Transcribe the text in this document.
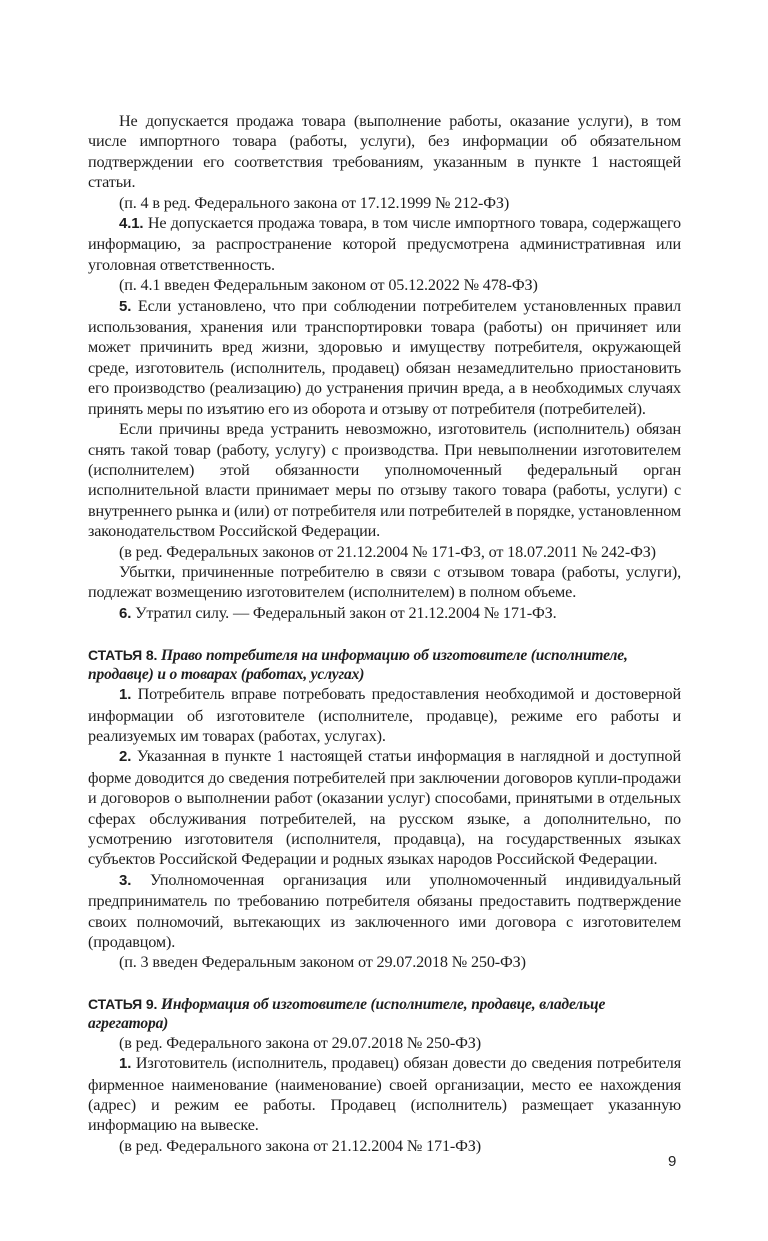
Не допускается продажа товара (выполнение работы, оказание услуги), в том числе импортного товара (работы, услуги), без информации об обязательном подтверждении его соответствия требованиям, указанным в пункте 1 настоящей статьи.

(п. 4 в ред. Федерального закона от 17.12.1999 № 212-ФЗ)

4.1. Не допускается продажа товара, в том числе импортного товара, содержащего информацию, за распространение которой предусмотрена административная или уголовная ответственность.

(п. 4.1 введен Федеральным законом от 05.12.2022 № 478-ФЗ)

5. Если установлено, что при соблюдении потребителем установленных правил использования, хранения или транспортировки товара (работы) он причиняет или может причинить вред жизни, здоровью и имуществу потребителя, окружающей среде, изготовитель (исполнитель, продавец) обязан незамедлительно приостановить его производство (реализацию) до устранения причин вреда, а в необходимых случаях принять меры по изъятию его из оборота и отзыву от потребителя (потребителей).

Если причины вреда устранить невозможно, изготовитель (исполнитель) обязан снять такой товар (работу, услугу) с производства. При невыполнении изготовителем (исполнителем) этой обязанности уполномоченный федеральный орган исполнительной власти принимает меры по отзыву такого товара (работы, услуги) с внутреннего рынка и (или) от потребителя или потребителей в порядке, установленном законодательством Российской Федерации.

(в ред. Федеральных законов от 21.12.2004 № 171-ФЗ, от 18.07.2011 № 242-ФЗ)

Убытки, причиненные потребителю в связи с отзывом товара (работы, услуги), подлежат возмещению изготовителем (исполнителем) в полном объеме.

6. Утратил силу. — Федеральный закон от 21.12.2004 № 171-ФЗ.

СТАТЬЯ 8. Право потребителя на информацию об изготовителе (исполнителе, продавце) и о товарах (работах, услугах)

1. Потребитель вправе потребовать предоставления необходимой и достоверной информации об изготовителе (исполнителе, продавце), режиме его работы и реализуемых им товарах (работах, услугах).

2. Указанная в пункте 1 настоящей статьи информация в наглядной и доступной форме доводится до сведения потребителей при заключении договоров купли-продажи и договоров о выполнении работ (оказании услуг) способами, принятыми в отдельных сферах обслуживания потребителей, на русском языке, а дополнительно, по усмотрению изготовителя (исполнителя, продавца), на государственных языках субъектов Российской Федерации и родных языках народов Российской Федерации.

3. Уполномоченная организация или уполномоченный индивидуальный предприниматель по требованию потребителя обязаны предоставить подтверждение своих полномочий, вытекающих из заключенного ими договора с изготовителем (продавцом).

(п. 3 введен Федеральным законом от 29.07.2018 № 250-ФЗ)

СТАТЬЯ 9. Информация об изготовителе (исполнителе, продавце, владельце агрегатора)

(в ред. Федерального закона от 29.07.2018 № 250-ФЗ)

1. Изготовитель (исполнитель, продавец) обязан довести до сведения потребителя фирменное наименование (наименование) своей организации, место ее нахождения (адрес) и режим ее работы. Продавец (исполнитель) размещает указанную информацию на вывеске.

(в ред. Федерального закона от 21.12.2004 № 171-ФЗ)

9
